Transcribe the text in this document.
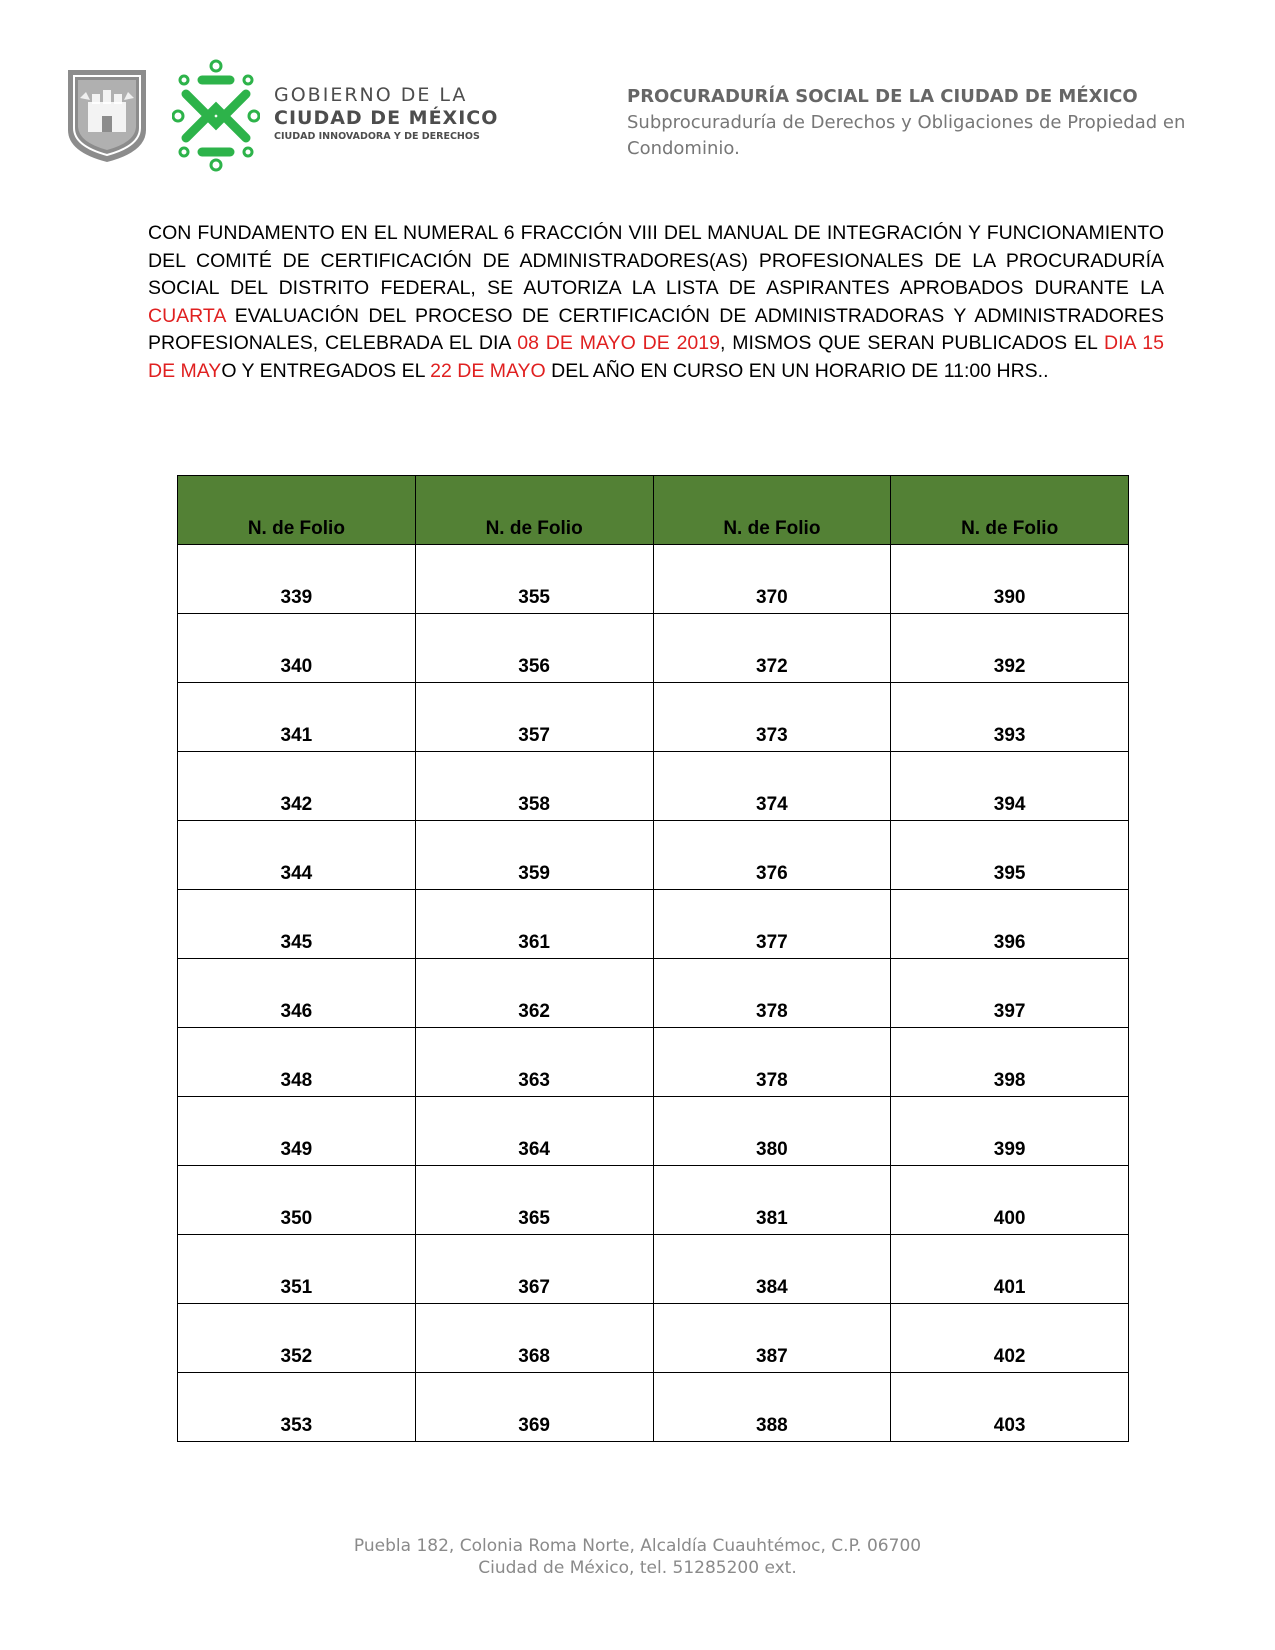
GOBIERNO DE LA
CIUDAD DE MÉXICO
CIUDAD INNOVADORA Y DE DERECHOS
PROCURADURÍA SOCIAL DE LA CIUDAD DE MÉXICO
Subprocuraduría de Derechos y Obligaciones de Propiedad en Condominio.
CON FUNDAMENTO EN EL NUMERAL 6 FRACCIÓN VIII DEL MANUAL DE INTEGRACIÓN Y FUNCIONAMIENTO DEL COMITÉ DE CERTIFICACIÓN DE ADMINISTRADORES(AS) PROFESIONALES DE LA PROCURADURÍA SOCIAL DEL DISTRITO FEDERAL, SE AUTORIZA LA LISTA DE ASPIRANTES APROBADOS DURANTE LA CUARTA EVALUACIÓN DEL PROCESO DE CERTIFICACIÓN DE ADMINISTRADORAS Y ADMINISTRADORES PROFESIONALES, CELEBRADA EL DIA 08 DE MAYO DE 2019, MISMOS QUE SERAN PUBLICADOS EL DIA 15 DE MAYO Y ENTREGADOS EL 22 DE MAYO DEL AÑO EN CURSO EN UN HORARIO DE 11:00 HRS..
N. de Folio	N. de Folio	N. de Folio	N. de Folio
339	355	370	390
340	356	372	392
341	357	373	393
342	358	374	394
344	359	376	395
345	361	377	396
346	362	378	397
348	363	378	398
349	364	380	399
350	365	381	400
351	367	384	401
352	368	387	402
353	369	388	403
Puebla 182, Colonia Roma Norte, Alcaldía Cuauhtémoc, C.P. 06700
Ciudad de México, tel. 51285200 ext.
